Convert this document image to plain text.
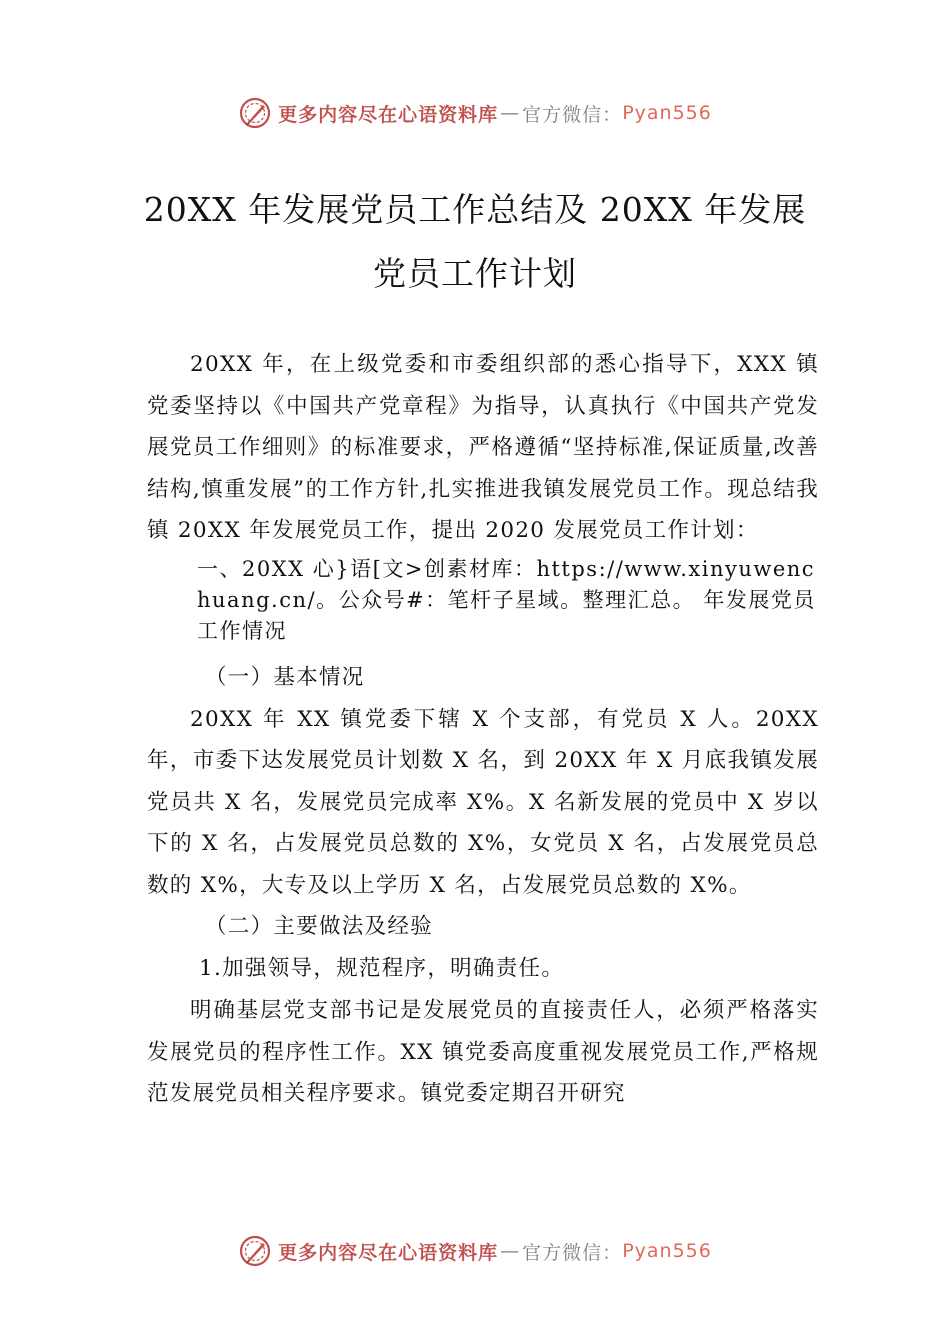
更多内容尽在心语资料库 — 官方微信： Pyan556
20XX 年发展党员工作总结及 20XX 年发展
党员工作计划

20XX 年，在上级党委和市委组织部的悉心指导下，XXX 镇党委坚持以《中国共产党章程》为指导，认真执行《中国共产党发展党员工作细则》的标准要求，严格遵循“坚持标准,保证质量,改善结构,慎重发展”的工作方针,扎实推进我镇发展党员工作。现总结我镇 20XX 年发展党员工作，提出 2020 发展党员工作计划：

一、20XX 心}语[文>创素材库：https://www.xinyuwenchuang.cn/。公众号#：笔杆子星域。整理汇总。 年发展党员工作情况

（一）基本情况

20XX 年 XX 镇党委下辖 X 个支部，有党员 X 人。20XX 年，市委下达发展党员计划数 X 名，到 20XX 年 X 月底我镇发展党员共 X 名，发展党员完成率 X%。X 名新发展的党员中 X 岁以下的 X 名，占发展党员总数的 X%，女党员 X 名，占发展党员总数的 X%，大专及以上学历 X 名，占发展党员总数的 X%。

（二）主要做法及经验

1.加强领导，规范程序，明确责任。

明确基层党支部书记是发展党员的直接责任人，必须严格落实发展党员的程序性工作。XX 镇党委高度重视发展党员工作,严格规范发展党员相关程序要求。镇党委定期召开研究

更多内容尽在心语资料库 — 官方微信： Pyan556
